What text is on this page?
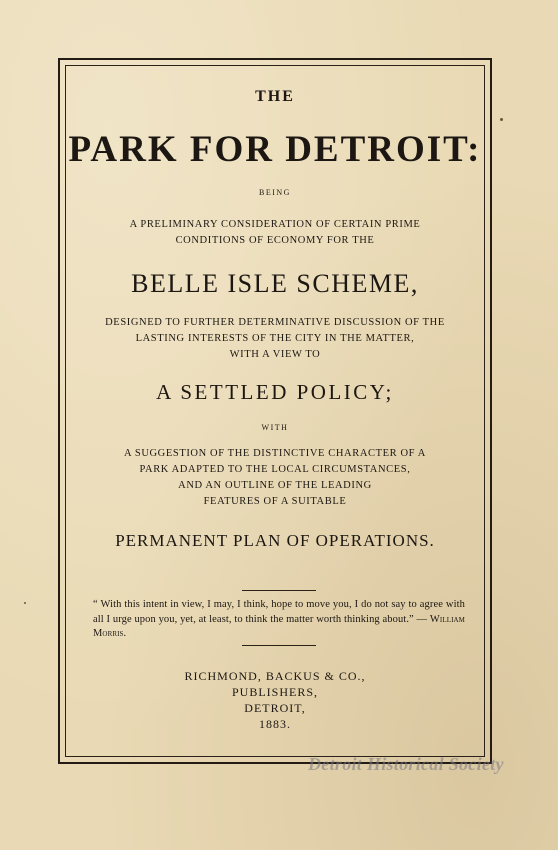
THE
PARK FOR DETROIT:
BEING
A PRELIMINARY CONSIDERATION OF CERTAIN PRIME
CONDITIONS OF ECONOMY FOR THE
BELLE ISLE SCHEME,
DESIGNED TO FURTHER DETERMINATIVE DISCUSSION OF THE
LASTING INTERESTS OF THE CITY IN THE MATTER,
WITH A VIEW TO
A SETTLED POLICY;
WITH
A SUGGESTION OF THE DISTINCTIVE CHARACTER OF A
PARK ADAPTED TO THE LOCAL CIRCUMSTANCES,
AND AN OUTLINE OF THE LEADING
FEATURES OF A SUITABLE
PERMANENT PLAN OF OPERATIONS.
“ With this intent in view, I may, I think, hope to move you, I do not say to agree with all I urge upon you, yet, at least, to think the matter worth thinking about.” — William Morris.
RICHMOND, BACKUS & CO.,
PUBLISHERS,
DETROIT,
1883.
Detroit Historical Society
